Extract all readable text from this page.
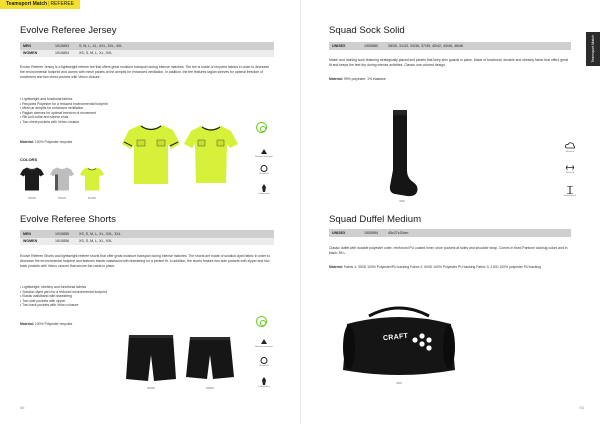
Teamsport Match|REFEREE
Evolve Referee Jersey
MEN	1910853	S, M, L, XL, XXL, 3XL, 4XL
WOMEN	1910854	XS, S, M, L, XL, XXL

Evolve Referee Jersey is a lightweight referee tee that offers great moisture transport during intense matches. The tee is made of recycled fabrics in order to decrease the environmental footprint and comes with mesh panels at the armpits for enhanced ventilation. In addition, the tee features raglan sleeves for optimal freedom of movement and two chest pockets with Velcro closure.

• Lightweight and functional fabrics
• Recycled Polyester for a reduced environmental footprint
• Mesh at armpits for enhanced ventilation
• Raglan sleeves for optimal freedom of movement
• Rib-knit collar and sleeve ends
• Two chest pockets with Velcro closure
Material: 100% Polyester recycled
COLORS
999000	900000	851000
Moisture transport
Recycled
Lightweight
Evolve Referee Shorts
MEN	1910855	XS, S, M, L, XL, XXL, 3XL
WOMEN	1910856	XS, S, M, L, XL, XXL

Evolve Referee Shorts and lightweight referee shorts that offer great moisture transport during intense matches. The shorts are made of solution-dyed fabric in order to decrease the environmental footprint and features elastic waistband with drawstring for a perfect fit. In addition, the shorts feature two side pockets with zipper and two back pockets with Velcro closure that secure the cards in place.

• Lightweight, stretchy and functional fabrics
• Solution-dyed yarn for a reduced environmental footprint
• Elastic waistband with drawstring
• Two side pockets with zipper
• Two back pockets with Velcro closure
Material: 100% Polyester recycled
999000	999000
Moisture transport
Recycled
Lightweight
86
Teamsport Match
Squad Sock Solid
UNISEX	1905580	28/30, 31/33, 34/36, 37/39, 40/42, 43/45, 46/48

Match and training sock featuring strategically placed knit panels that keep shin guards in place. Made of functional, durable and stretchy fabric that offers great fit and keeps the feet dry during intense activities. Classic one-colored design.

Material: 99% polyester, 1% elastane
9999
Moisture
Stretchy
Stabilizing fit
Squad Duffel Medium
UNISEX	1905594	45x27x30cm

Classic duffel with durable polyester outer, reinforced PU coated inner, shoe pockets at sides and shoulder strap. Comes in fixed Pantone club/sig colors and in black, 55 L.

Material: Fabric 1: 300D 100% Polyester/PU backing Fabric 2: 600D 100% Polyester PU backing Fabric 3: 210D 100% polyester PU backing
CRAFT
9999
83
